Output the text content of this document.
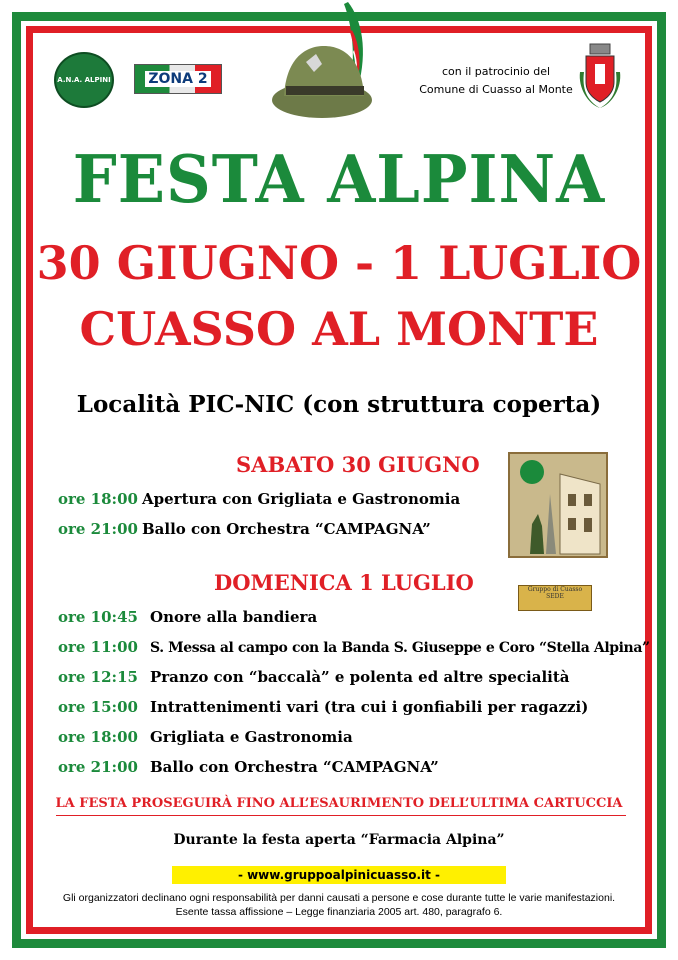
A.N.A. ALPINI	ZONA 2	con il patrocinio del
Comune di Cuasso al Monte
FESTA ALPINA
30 GIUGNO - 1 LUGLIO
CUASSO AL MONTE
Località PIC-NIC (con struttura coperta)
SABATO 30 GIUGNO
ore 18:00 Apertura con Grigliata e Gastronomia
ore 21:00 Ballo con Orchestra “CAMPAGNA”
Gruppo di Cuasso
SEDE
DOMENICA 1 LUGLIO
ore 10:45 Onore alla bandiera
ore 11:00 S. Messa al campo con la Banda S. Giuseppe e Coro “Stella Alpina”
ore 12:15 Pranzo con “baccalà” e polenta ed altre specialità
ore 15:00 Intrattenimenti vari (tra cui i gonfiabili per ragazzi)
ore 18:00 Grigliata e Gastronomia
ore 21:00 Ballo con Orchestra “CAMPAGNA”
LA FESTA PROSEGUIRÀ FINO ALL’ESAURIMENTO DELL’ULTIMA CARTUCCIA
Durante la festa aperta “Farmacia Alpina”
- www.gruppoalpinicuasso.it -
Gli organizzatori declinano ogni responsabilità per danni causati a persone e cose durante tutte le varie manifestazioni.
Esente tassa affissione – Legge finanziaria 2005 art. 480, paragrafo 6.
